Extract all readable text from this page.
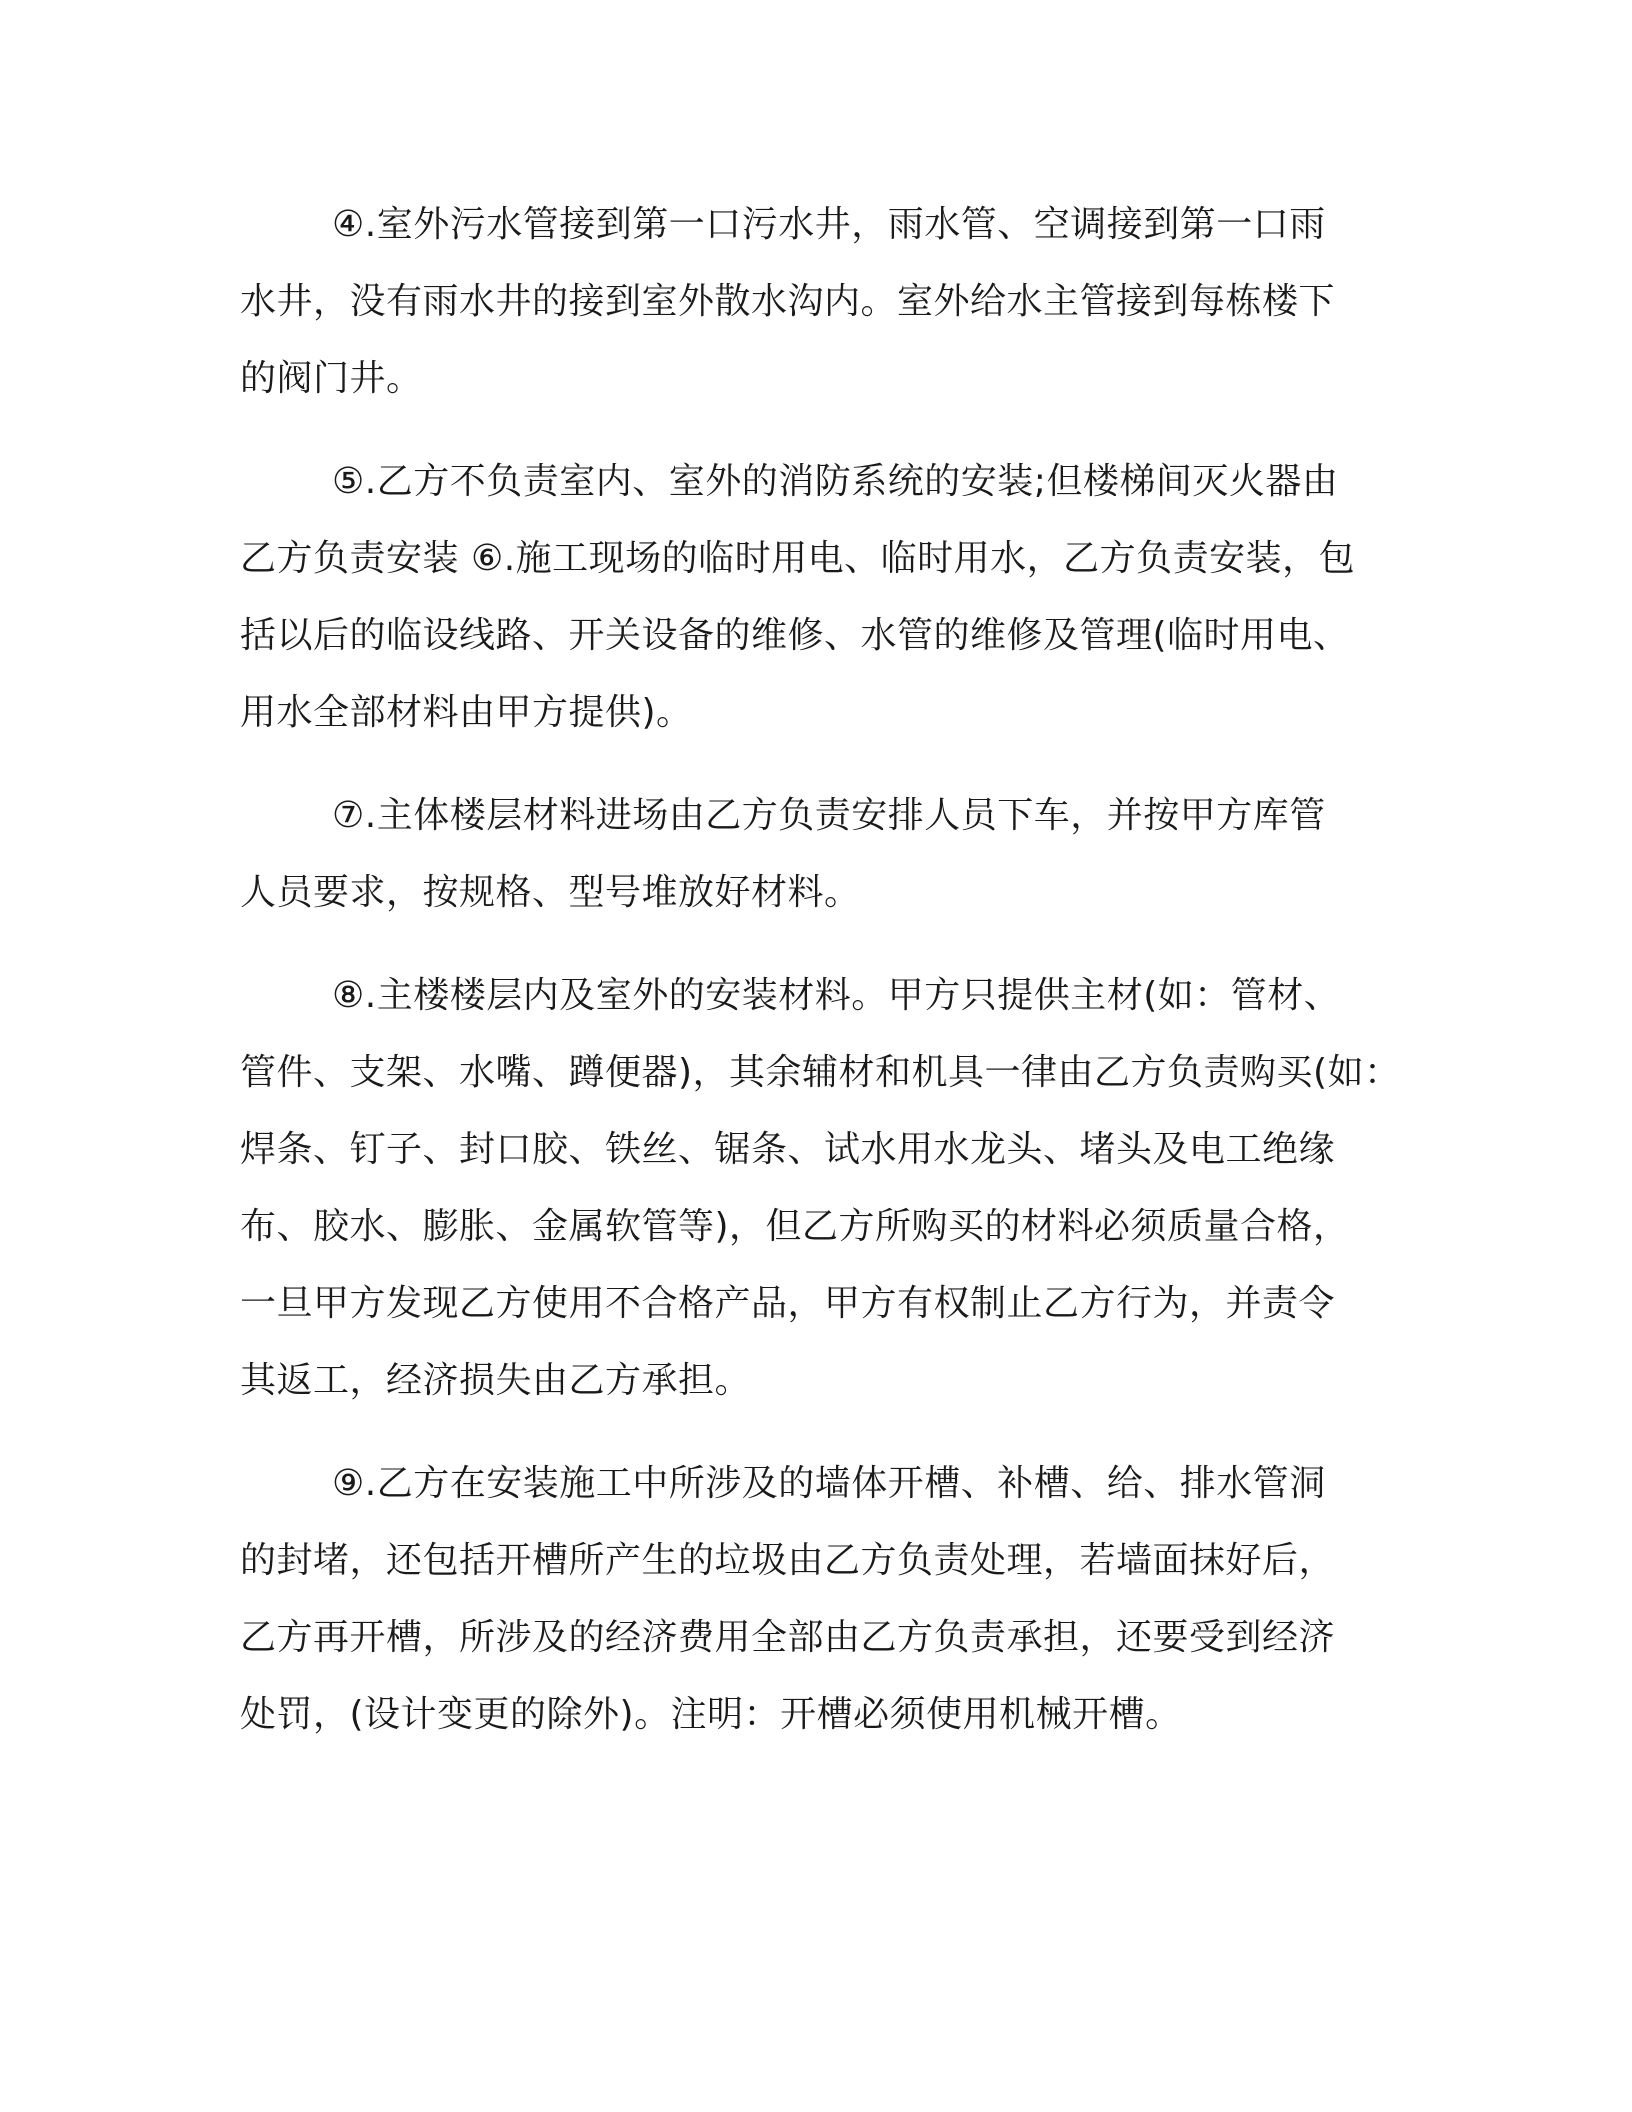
④.室外污水管接到第一口污水井，雨水管、空调接到第一口雨
水井，没有雨水井的接到室外散水沟内。室外给水主管接到每栋楼下
的阀门井。

⑤.乙方不负责室内、室外的消防系统的安装;但楼梯间灭火器由
乙方负责安装 ⑥.施工现场的临时用电、临时用水，乙方负责安装，包
括以后的临设线路、开关设备的维修、水管的维修及管理(临时用电、
用水全部材料由甲方提供)。

⑦.主体楼层材料进场由乙方负责安排人员下车，并按甲方库管
人员要求，按规格、型号堆放好材料。

⑧.主楼楼层内及室外的安装材料。甲方只提供主材(如：管材、
管件、支架、水嘴、蹲便器)，其余辅材和机具一律由乙方负责购买(如：
焊条、钉子、封口胶、铁丝、锯条、试水用水龙头、堵头及电工绝缘
布、胶水、膨胀、金属软管等)，但乙方所购买的材料必须质量合格，
一旦甲方发现乙方使用不合格产品，甲方有权制止乙方行为，并责令
其返工，经济损失由乙方承担。

⑨.乙方在安装施工中所涉及的墙体开槽、补槽、给、排水管洞
的封堵，还包括开槽所产生的垃圾由乙方负责处理，若墙面抹好后，
乙方再开槽，所涉及的经济费用全部由乙方负责承担，还要受到经济
处罚，(设计变更的除外)。注明：开槽必须使用机械开槽。
